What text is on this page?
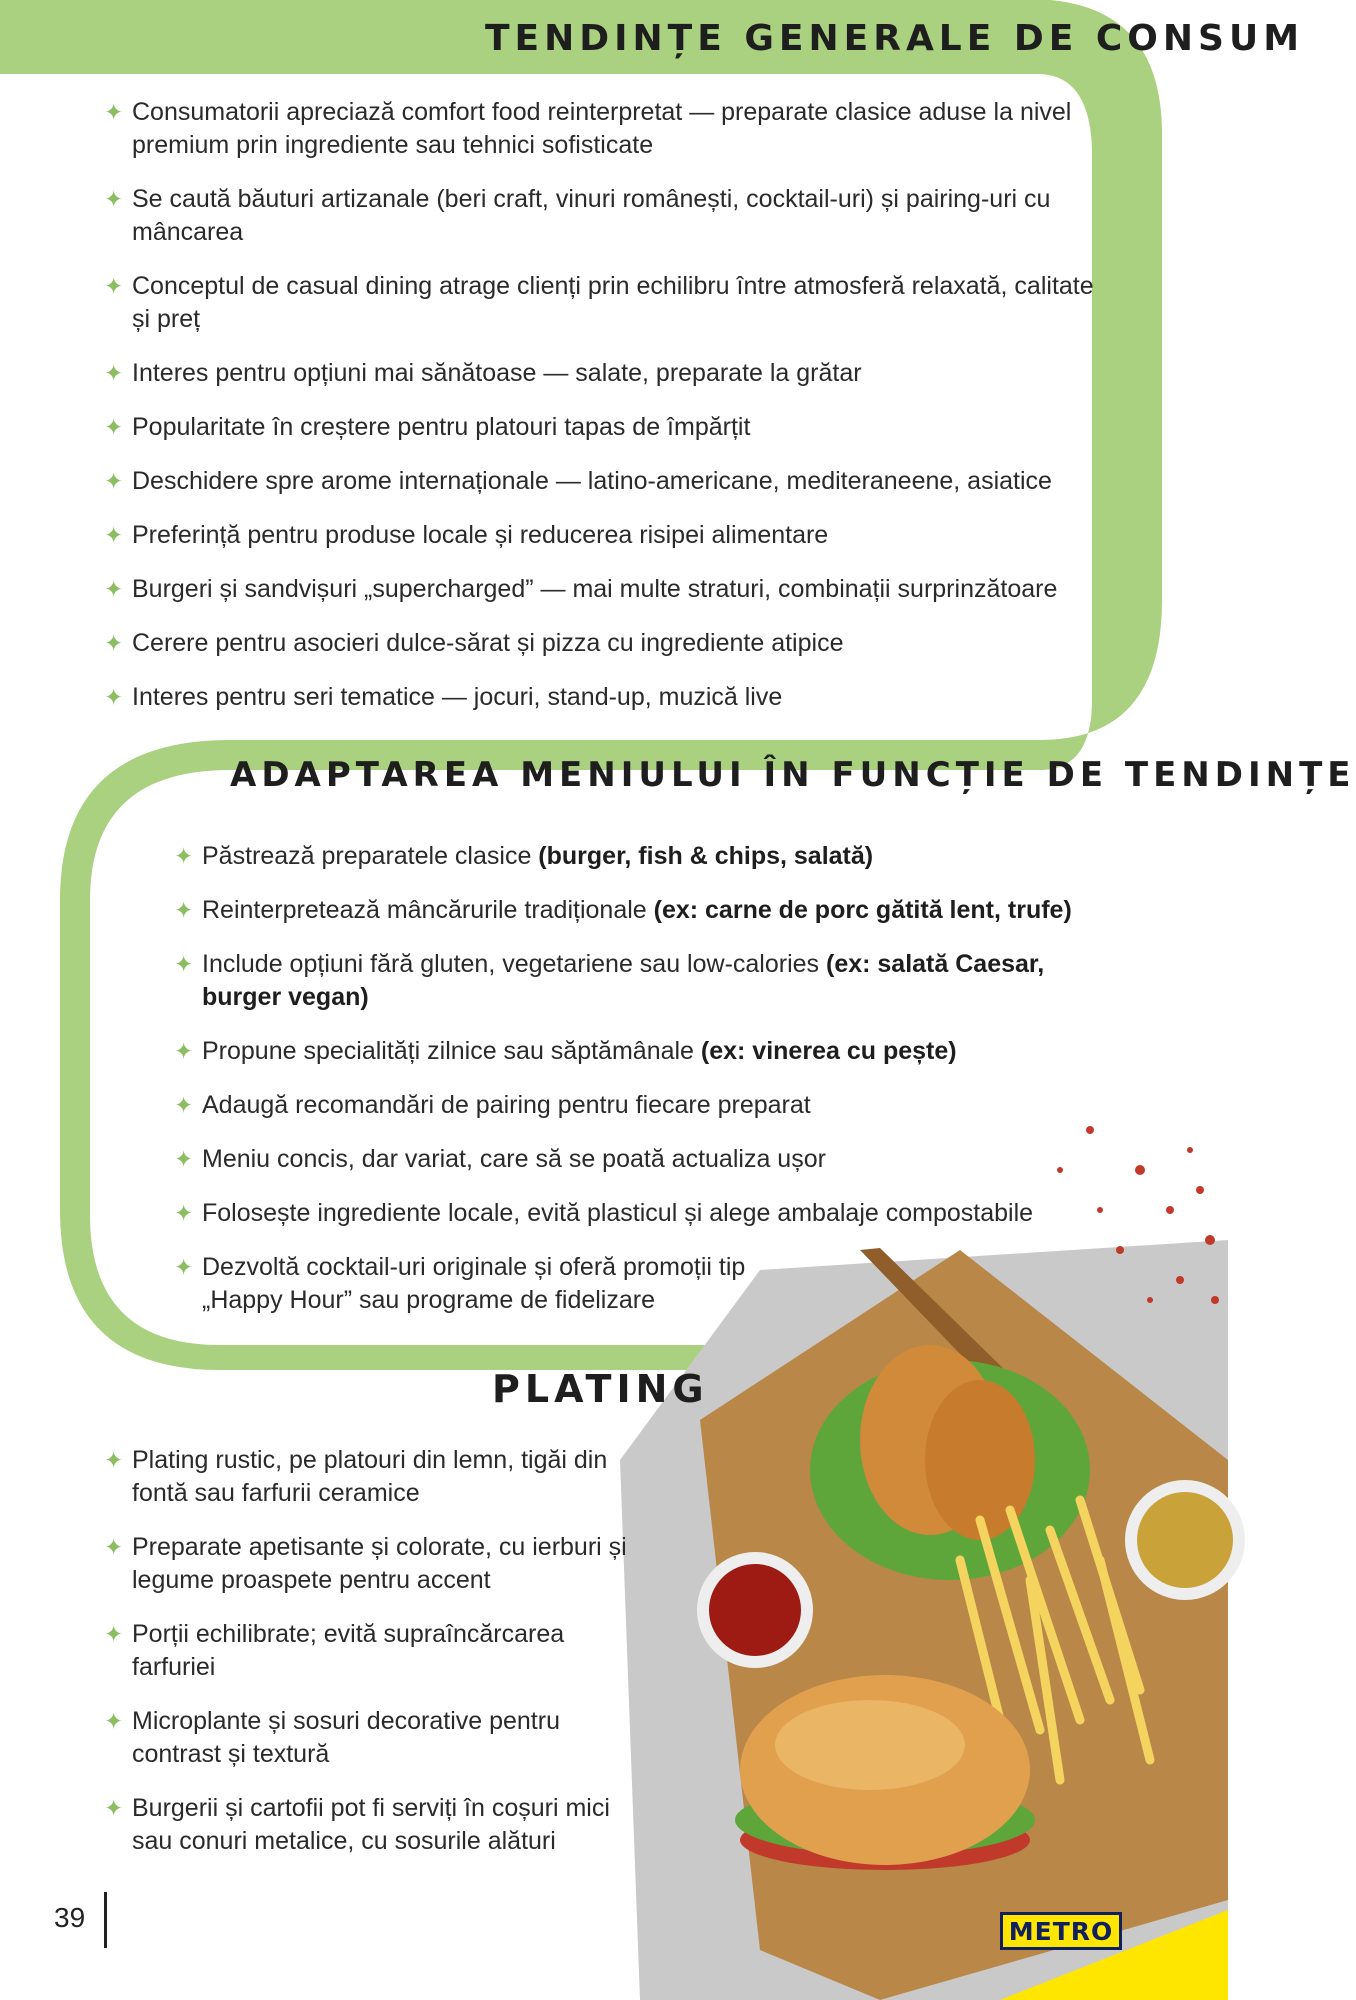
TENDINȚE GENERALE DE CONSUM
✦ Consumatorii apreciază comfort food reinterpretat — preparate clasice aduse la nivel premium prin ingrediente sau tehnici sofisticate
✦ Se caută băuturi artizanale (beri craft, vinuri românești, cocktail-uri) și pairing-uri cu mâncarea
✦ Conceptul de casual dining atrage clienți prin echilibru între atmosferă relaxată, calitate și preț
✦ Interes pentru opțiuni mai sănătoase — salate, preparate la grătar
✦ Popularitate în creștere pentru platouri tapas de împărțit
✦ Deschidere spre arome internaționale — latino-americane, mediteraneene, asiatice
✦ Preferință pentru produse locale și reducerea risipei alimentare
✦ Burgeri și sandvișuri „supercharged” — mai multe straturi, combinații surprinzătoare
✦ Cerere pentru asocieri dulce-sărat și pizza cu ingrediente atipice
✦ Interes pentru seri tematice — jocuri, stand-up, muzică live
ADAPTAREA MENIULUI ÎN FUNCȚIE DE TENDINȚE
✦ Păstrează preparatele clasice (burger, fish & chips, salată)
✦ Reinterpretează mâncărurile tradiționale (ex: carne de porc gătită lent, trufe)
✦ Include opțiuni fără gluten, vegetariene sau low-calories (ex: salată Caesar, burger vegan)
✦ Propune specialități zilnice sau săptămânale (ex: vinerea cu pește)
✦ Adaugă recomandări de pairing pentru fiecare preparat
✦ Meniu concis, dar variat, care să se poată actualiza ușor
✦ Folosește ingrediente locale, evită plasticul și alege ambalaje compostabile
✦ Dezvoltă cocktail-uri originale și oferă promoții tip „Happy Hour” sau programe de fidelizare
PLATING
✦ Plating rustic, pe platouri din lemn, tigăi din fontă sau farfurii ceramice
✦ Preparate apetisante și colorate, cu ierburi și legume proaspete pentru accent
✦ Porții echilibrate; evită supraîncărcarea farfuriei
✦ Microplante și sosuri decorative pentru contrast și textură
✦ Burgerii și cartofii pot fi serviți în coșuri mici sau conuri metalice, cu sosurile alături
39	METRO
